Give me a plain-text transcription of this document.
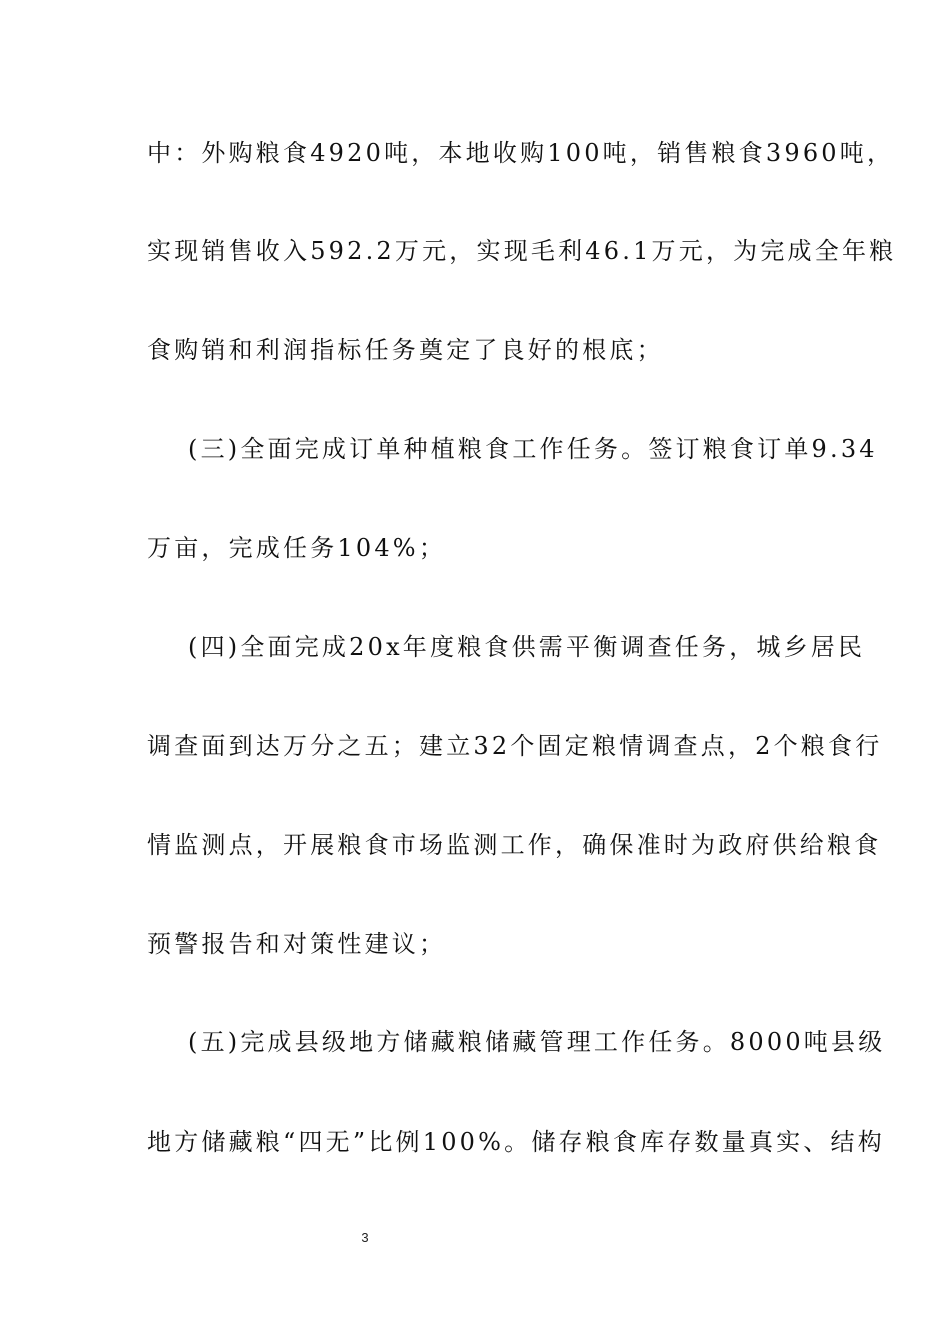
中：外购粮食4920吨，本地收购100吨，销售粮食3960吨，
实现销售收入592.2万元，实现毛利46.1万元，为完成全年粮
食购销和利润指标任务奠定了良好的根底；
(三)全面完成订单种植粮食工作任务。签订粮食订单9.34
万亩，完成任务104%；
(四)全面完成20x年度粮食供需平衡调查任务，城乡居民
调查面到达万分之五；建立32个固定粮情调查点，2个粮食行
情监测点，开展粮食市场监测工作，确保准时为政府供给粮食
预警报告和对策性建议；
(五)完成县级地方储藏粮储藏管理工作任务。8000吨县级
地方储藏粮“四无”比例100%。储存粮食库存数量真实、结构
3
